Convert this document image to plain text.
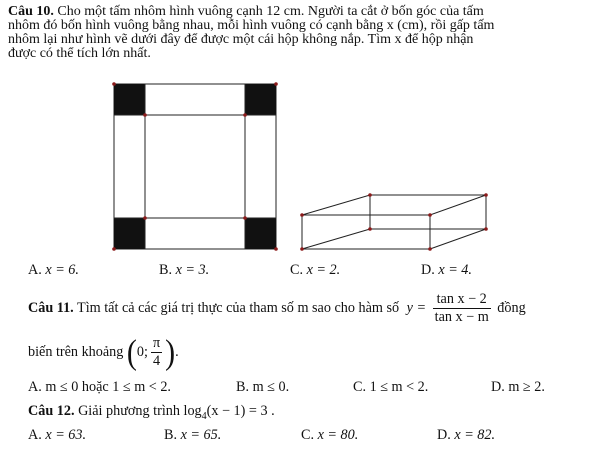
Câu 10. Cho một tấm nhôm hình vuông cạnh 12 cm. Người ta cắt ở bốn góc của tấm
nhôm đó bốn hình vuông bằng nhau, mỗi hình vuông có cạnh bằng x (cm), rồi gấp tấm
nhôm lại như hình vẽ dưới đây để được một cái hộp không nắp. Tìm x để hộp nhận
được có thể tích lớn nhất.
A. x = 6.	B. x = 3.	C. x = 2.	D. x = 4.
Câu 11. Tìm tất cả các giá trị thực của tham số m sao cho hàm số $y = \frac{\text{tan x − 2}}{\text{tan x − m}}$ đồng
biến trên khoảng (0; $\frac{\pi}{4}$ ).
A. m ≤ 0 hoặc 1 ≤ m < 2.	B. m ≤ 0.	C. 1 ≤ m < 2.	D. m ≥ 2.
Câu 12. Giải phương trình $\log_4(x - 1) = 3$ .
A. x = 63.	B. x = 65.	C. x = 80.	D. x = 82.
